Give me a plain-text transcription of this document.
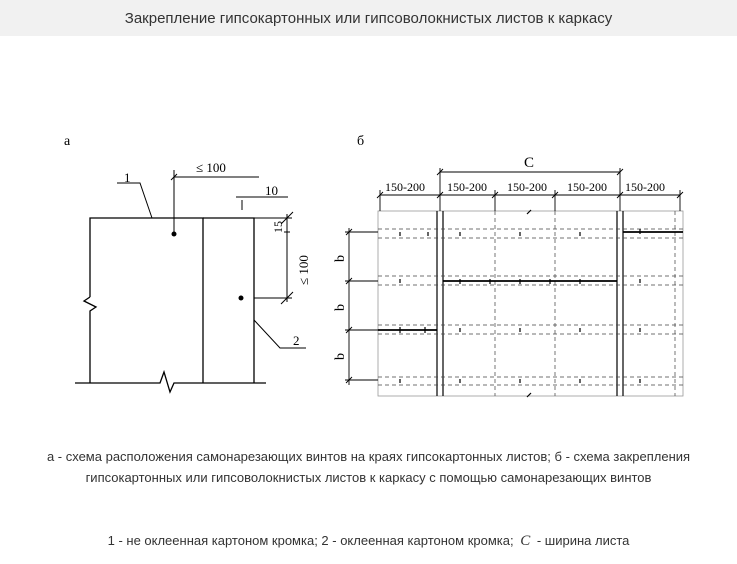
Закрепление гипсокартонных или гипсоволокнистых листов к каркасу
а
1
2
≤ 100
10
15
≤ 100
б
С
150-200 150-200 150-200 150-200 150-200
b
b
b
а - схема расположения самонарезающих винтов на краях гипсокартонных листов; б - схема закрепления гипсокартонных или гипсоволокнистых листов к каркасу с помощью самонарезающих винтов
1 - не оклеенная картоном кромка; 2 - оклеенная картоном кромка; C - ширина листа
